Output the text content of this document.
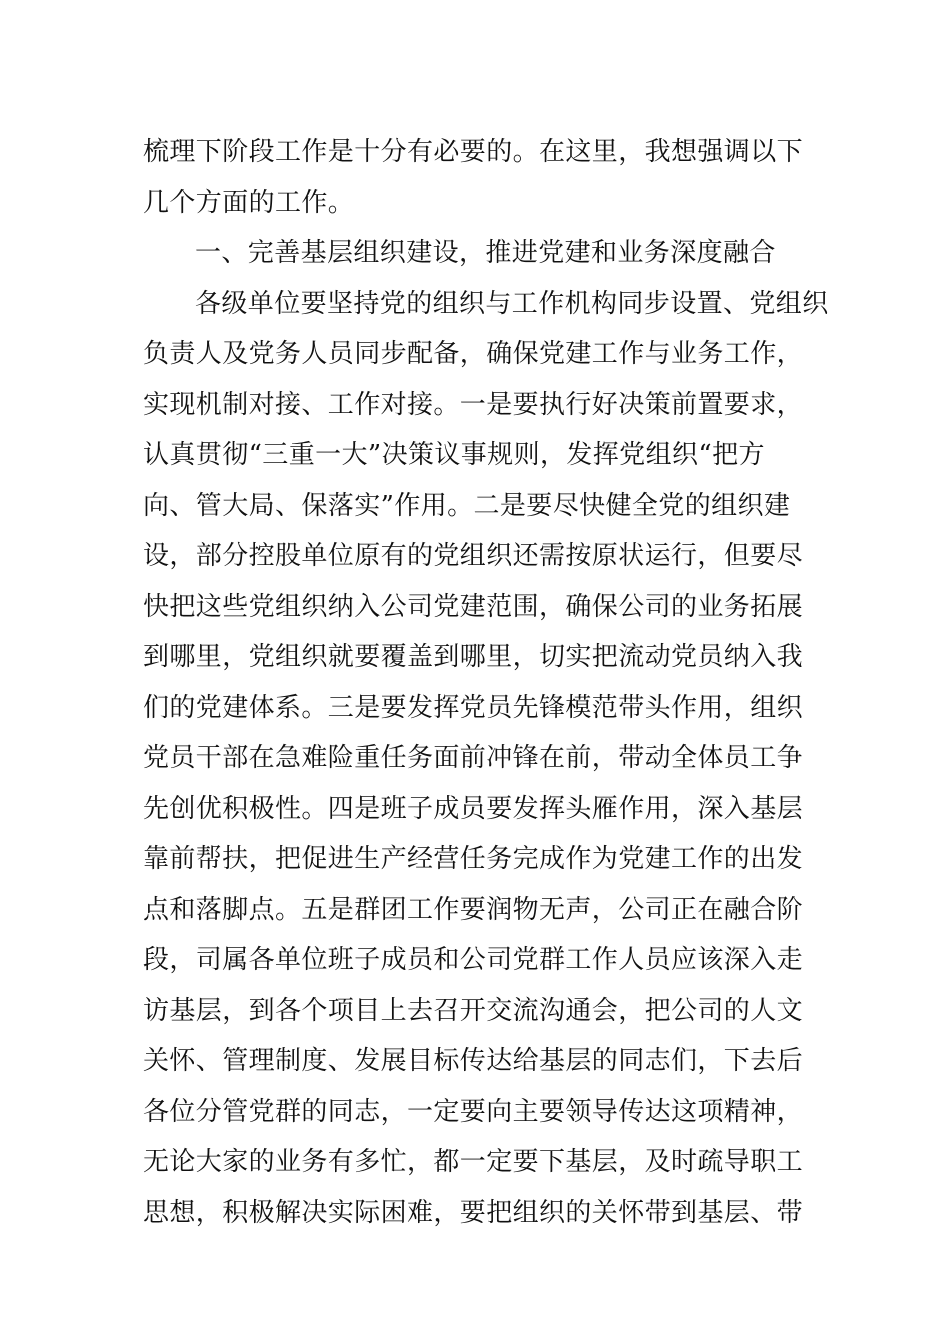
梳理下阶段工作是十分有必要的。在这里，我想强调以下
几个方面的工作。
一、完善基层组织建设，推进党建和业务深度融合
各级单位要坚持党的组织与工作机构同步设置、党组织
负责人及党务人员同步配备，确保党建工作与业务工作，
实现机制对接、工作对接。一是要执行好决策前置要求，
认真贯彻“三重一大”决策议事规则，发挥党组织“把方
向、管大局、保落实”作用。二是要尽快健全党的组织建
设，部分控股单位原有的党组织还需按原状运行，但要尽
快把这些党组织纳入公司党建范围，确保公司的业务拓展
到哪里，党组织就要覆盖到哪里，切实把流动党员纳入我
们的党建体系。三是要发挥党员先锋模范带头作用，组织
党员干部在急难险重任务面前冲锋在前，带动全体员工争
先创优积极性。四是班子成员要发挥头雁作用，深入基层
靠前帮扶，把促进生产经营任务完成作为党建工作的出发
点和落脚点。五是群团工作要润物无声，公司正在融合阶
段，司属各单位班子成员和公司党群工作人员应该深入走
访基层，到各个项目上去召开交流沟通会，把公司的人文
关怀、管理制度、发展目标传达给基层的同志们，下去后
各位分管党群的同志，一定要向主要领导传达这项精神，
无论大家的业务有多忙，都一定要下基层，及时疏导职工
思想，积极解决实际困难，要把组织的关怀带到基层、带
